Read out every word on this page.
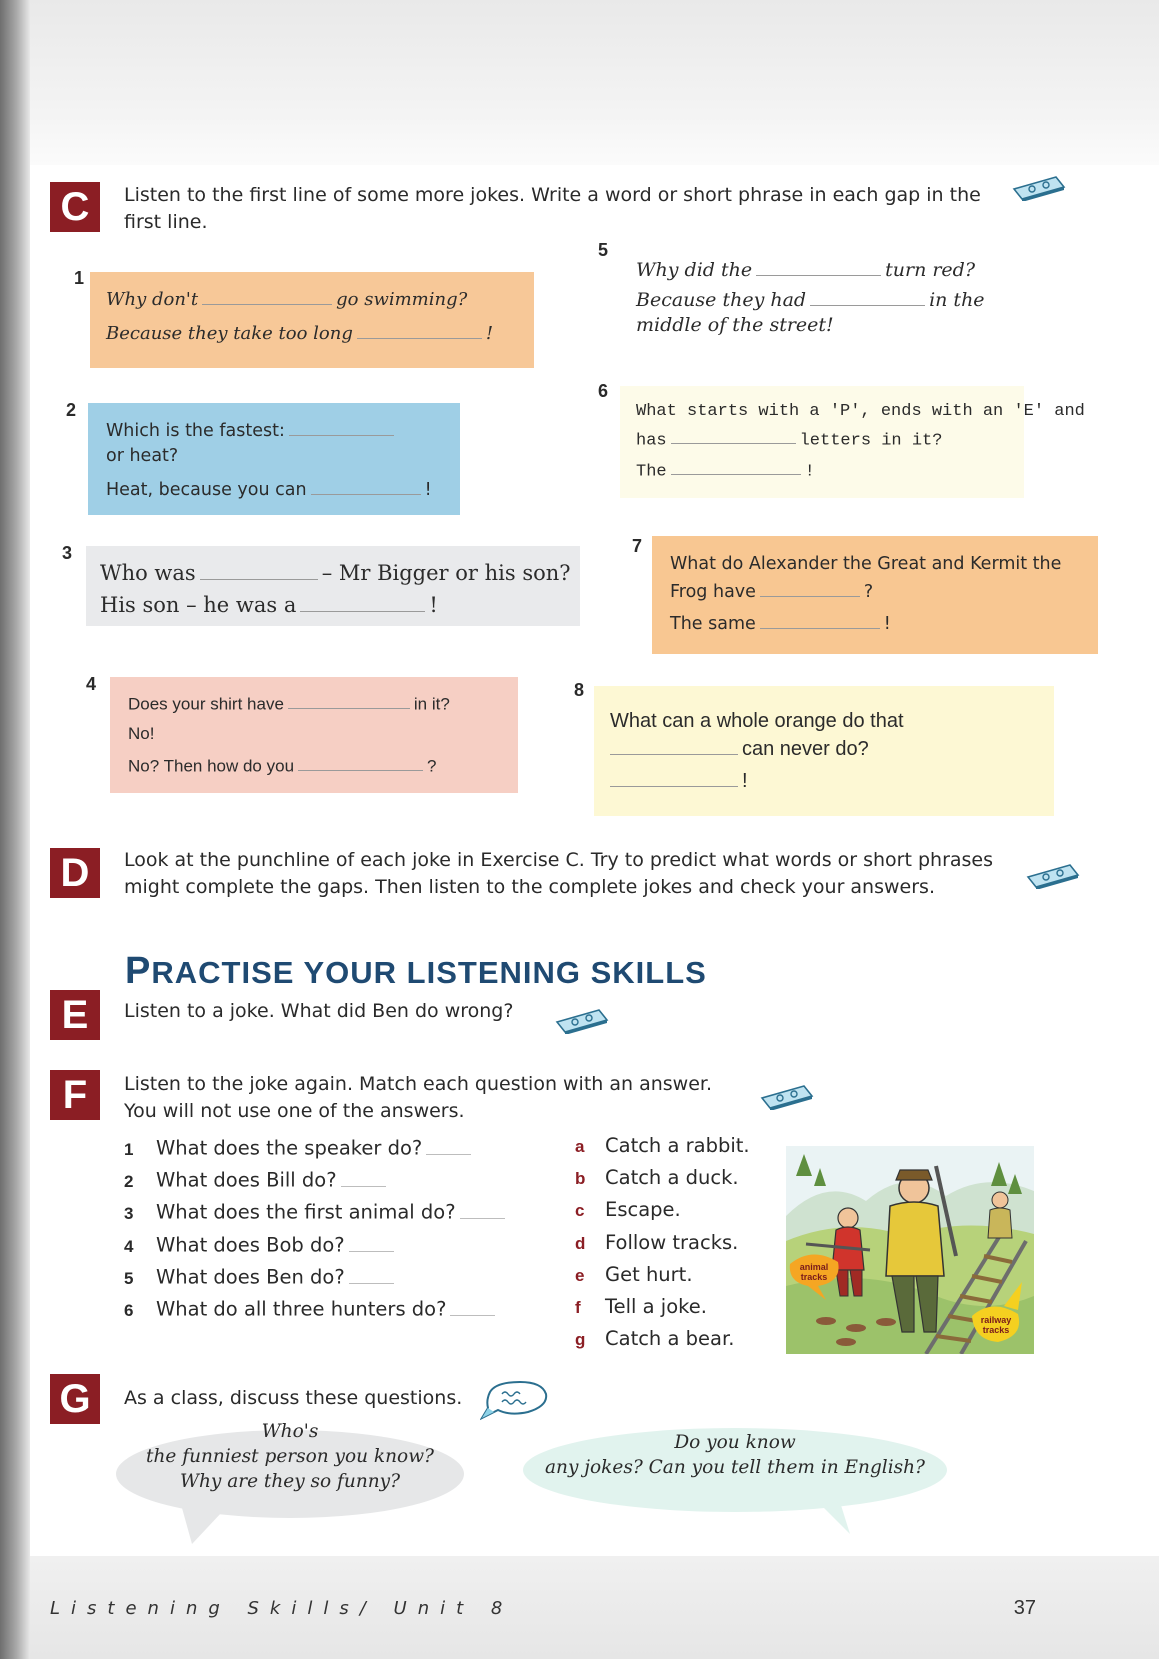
C	Listen to the first line of some more jokes. Write a word or short phrase in each gap in the first line.

1
Why don't	go swimming?
Because they take too long	!
2
Which is the fastest:
or heat?
Heat, because you can	!
3
Who was	– Mr Bigger or his son?
His son – he was a	!
4
Does your shirt have	in it?
No!
No? Then how do you	?
5
Why did the	turn red?
Because they had	in the
middle of the street!
6
What starts with a 'P', ends with an 'E' and
has	letters in it?
The	!
7
What do Alexander the Great and Kermit the
Frog have	?
The same	!
8
What can a whole orange do that
can never do?
!
D	Look at the punchline of each joke in Exercise C. Try to predict what words or short phrases might complete the gaps. Then listen to the complete jokes and check your answers.

PRACTISE YOUR LISTENING SKILLS
E	Listen to a joke. What did Ben do wrong?

F	Listen to the joke again. Match each question with an answer.

You will not use one of the answers.

1 What does the speaker do?
2 What does Bill do?
3 What does the first animal do?
4 What does Bob do?
5 What does Ben do?
6 What do all three hunters do?
a Catch a rabbit.
b Catch a duck.
c Escape.
d Follow tracks.
e Get hurt.
f Tell a joke.
g Catch a bear.
animal
tracks
railway
tracks
G	As a class, discuss these questions.

Who's
the funniest person you know?
Why are they so funny?
Do you know
any jokes? Can you tell them in English?
Listening Skills/ Unit 8	37
